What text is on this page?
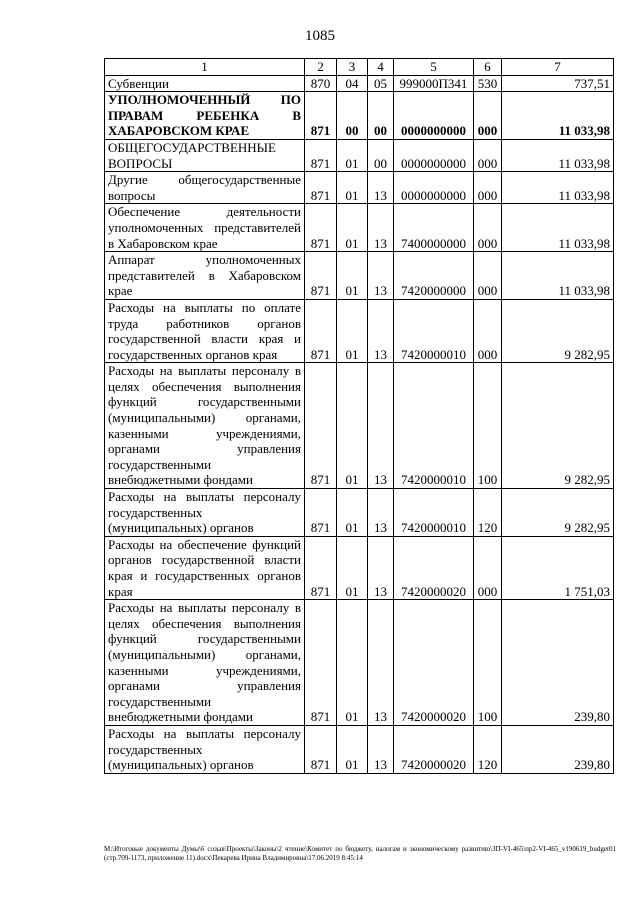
1085
1	2	3	4	5	6	7
Субвенции	870	04	05	999000П341	530	737,51
УПОЛНОМОЧЕННЫЙ ПО ПРАВАМ РЕБЕНКА В ХАБАРОВСКОМ КРАЕ	871	00	00	0000000000	000	11 033,98
ОБЩЕГОСУДАРСТВЕННЫЕ ВОПРОСЫ	871	01	00	0000000000	000	11 033,98
Другие общегосударственные вопросы	871	01	13	0000000000	000	11 033,98
Обеспечение деятельности уполномоченных представителей в Хабаровском крае	871	01	13	7400000000	000	11 033,98
Аппарат уполномоченных представителей в Хабаровском крае	871	01	13	7420000000	000	11 033,98
Расходы на выплаты по оплате труда работников органов государственной власти края и государственных органов края	871	01	13	7420000010	000	9 282,95
Расходы на выплаты персоналу в целях обеспечения выполнения функций государственными (муниципальными) органами, казенными учреждениями, органами управления государственными внебюджетными фондами	871	01	13	7420000010	100	9 282,95
Расходы на выплаты персоналу государственных (муниципальных) органов	871	01	13	7420000010	120	9 282,95
Расходы на обеспечение функций органов государственной власти края и государственных органов края	871	01	13	7420000020	000	1 751,03
Расходы на выплаты персоналу в целях обеспечения выполнения функций государственными (муниципальными) органами, казенными учреждениями, органами управления государственными внебюджетными фондами	871	01	13	7420000020	100	239,80
Расходы на выплаты персоналу государственных (муниципальных) органов	871	01	13	7420000020	120	239,80
М:\Итоговые документы Думы\6 созыв\Проекты\Законы\2 чтение\Комитет по бюджету, налогам и экономическому развитию\ЗП-VI-465\пр2-VI-465_v190619_budget01 (стр.709-1173, приложение 11).docx\Пекарева Ирина Владимировна\17.06.2019 8:45:14
